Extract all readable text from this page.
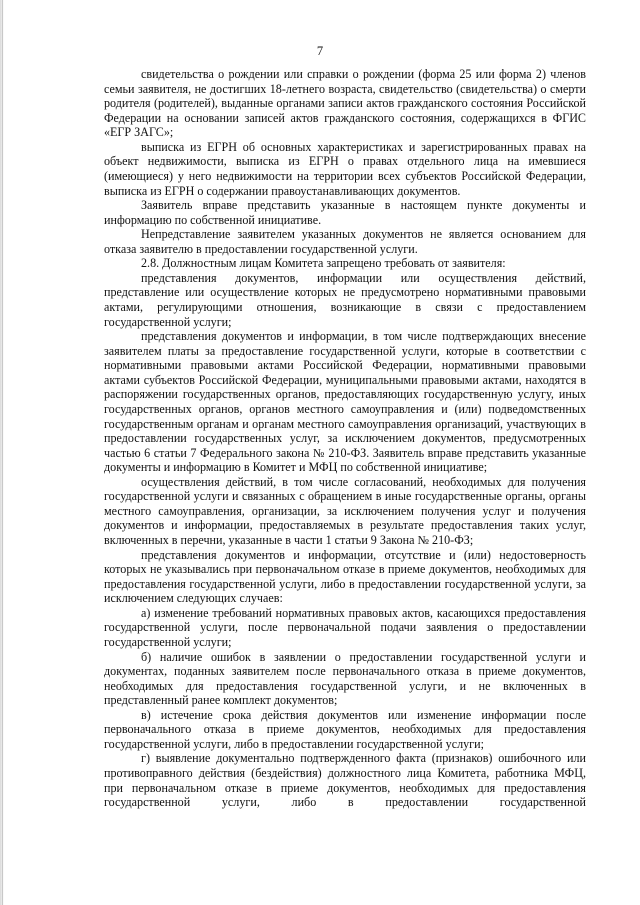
7

свидетельства о рождении или справки о рождении (форма 25 или форма 2) членов семьи заявителя, не достигших 18-летнего возраста, свидетельство (свидетельства) о смерти родителя (родителей), выданные органами записи актов гражданского состояния Российской Федерации на основании записей актов гражданского состояния, содержащихся в ФГИС «ЕГР ЗАГС»;

выписка из ЕГРН об основных характеристиках и зарегистрированных правах на объект недвижимости, выписка из ЕГРН о правах отдельного лица на имевшиеся (имеющиеся) у него недвижимости на территории всех субъектов Российской Федерации, выписка из ЕГРН о содержании правоустанавливающих документов.

Заявитель вправе представить указанные в настоящем пункте документы и информацию по собственной инициативе.

Непредставление заявителем указанных документов не является основанием для отказа заявителю в предоставлении государственной услуги.

2.8. Должностным лицам Комитета запрещено требовать от заявителя:

представления документов, информации или осуществления действий, представление или осуществление которых не предусмотрено нормативными правовыми актами, регулирующими отношения, возникающие в связи с предоставлением государственной услуги;

представления документов и информации, в том числе подтверждающих внесение заявителем платы за предоставление государственной услуги, которые в соответствии с нормативными правовыми актами Российской Федерации, нормативными правовыми актами субъектов Российской Федерации, муниципальными правовыми актами, находятся в распоряжении государственных органов, предоставляющих государственную услугу, иных государственных органов, органов местного самоуправления и (или) подведомственных государственным органам и органам местного самоуправления организаций, участвующих в предоставлении государственных услуг, за исключением документов, предусмотренных частью 6 статьи 7 Федерального закона № 210-ФЗ. Заявитель вправе представить указанные документы и информацию в Комитет и МФЦ по собственной инициативе;

осуществления действий, в том числе согласований, необходимых для получения государственной услуги и связанных с обращением в иные государственные органы, органы местного самоуправления, организации, за исключением получения услуг и получения документов и информации, предоставляемых в результате предоставления таких услуг, включенных в перечни, указанные в части 1 статьи 9 Закона № 210-ФЗ;

представления документов и информации, отсутствие и (или) недостоверность которых не указывались при первоначальном отказе в приеме документов, необходимых для предоставления государственной услуги, либо в предоставлении государственной услуги, за исключением следующих случаев:

а) изменение требований нормативных правовых актов, касающихся предоставления государственной услуги, после первоначальной подачи заявления о предоставлении государственной услуги;

б) наличие ошибок в заявлении о предоставлении государственной услуги и документах, поданных заявителем после первоначального отказа в приеме документов, необходимых для предоставления государственной услуги, и не включенных в представленный ранее комплект документов;

в) истечение срока действия документов или изменение информации после первоначального отказа в приеме документов, необходимых для предоставления государственной услуги, либо в предоставлении государственной услуги;

г) выявление документально подтвержденного факта (признаков) ошибочного или противоправного действия (бездействия) должностного лица Комитета, работника МФЦ, при первоначальном отказе в приеме документов, необходимых для предоставления государственной услуги, либо в предоставлении государственной
